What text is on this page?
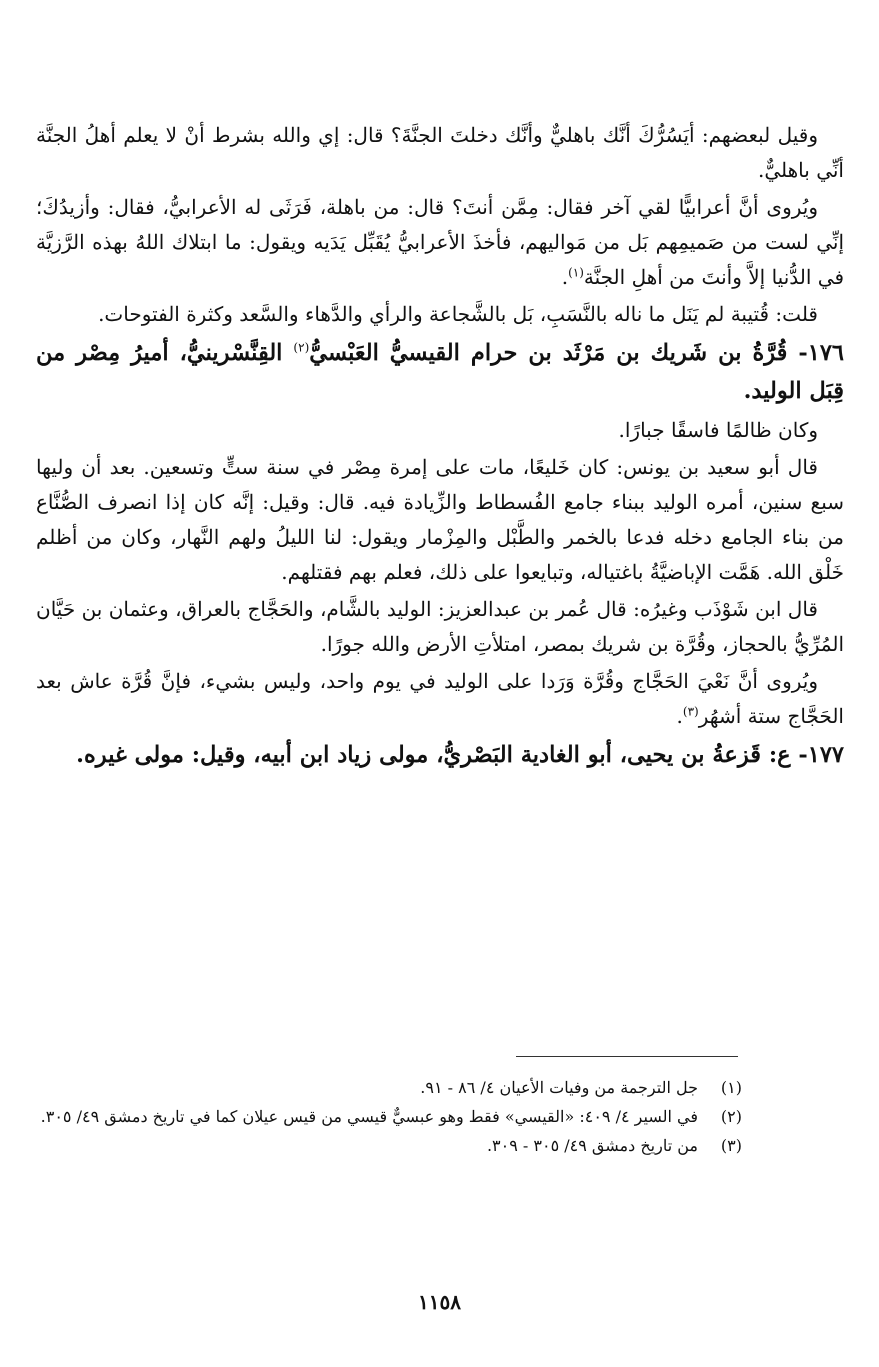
وقيل لبعضهم: أيَسُرُّكَ أنَّك باهليٌّ وأنَّك دخلتَ الجنَّةَ؟ قال: إي والله بشرط أنْ لا يعلم أهلُ الجنَّة أنِّي باهليٌّ.

ويُروى أنَّ أعرابيًّا لقي آخر فقال: مِمَّن أنتَ؟ قال: من باهلة، فَرَثَى له الأعرابيُّ، فقال: وأزيدُكَ؛ إنِّي لست من صَميمِهم بَل من مَواليهم، فأخذَ الأعرابيُّ يُقَبِّل يَدَيه ويقول: ما ابتلاك اللهُ بهذه الرَّزيَّة في الدُّنيا إلاَّ وأنتَ من أهلِ الجنَّة$^{(١)}$.

قلت: قُتيبة لم يَنَل ما ناله بالنَّسَبِ، بَل بالشَّجاعة والرأي والدَّهاء والسَّعد وكثرة الفتوحات.

١٧٦- قُرَّةُ بن شَريك بن مَرْثَد بن حرام القيسيُّ العَبْسيُّ$^{(٢)}$ القِنَّسْرينيُّ، أميرُ مِصْر من قِبَل الوليد.

وكان ظالمًا فاسقًا جبارًا.

قال أبو سعيد بن يونس: كان خَليعًا، مات على إمرة مِصْر في سنة ستٍّ وتسعين. بعد أن وليها سبع سنين، أمره الوليد ببناء جامع الفُسطاط والزِّيادة فيه. قال: وقيل: إنَّه كان إذا انصرف الصُّنَّاع من بناء الجامع دخله فدعا بالخمر والطَّبْل والمِزْمار ويقول: لنا الليلُ ولهم النَّهار، وكان من أظلم خَلْق الله. هَمَّت الإباضيَّةُ باغتياله، وتبايعوا على ذلك، فعلم بهم فقتلهم.

قال ابن شَوْذَب وغيرُه: قال عُمر بن عبدالعزيز: الوليد بالشَّام، والحَجَّاج بالعراق، وعثمان بن حَيَّان المُرِّيُّ بالحجاز، وقُرَّة بن شريك بمصر، امتلأتِ الأرض والله جورًا.

ويُروى أنَّ نَعْيَ الحَجَّاج وقُرَّة وَرَدا على الوليد في يوم واحد، وليس بشيء، فإنَّ قُرَّة عاش بعد الحَجَّاج ستة أشهُر$^{(٣)}$.

١٧٧- ع: قَزعةُ بن يحيى، أبو الغادية البَصْريُّ، مولى زياد ابن أبيه، وقيل: مولى غيره.

(١)
جل الترجمة من وفيات الأعيان ٤/ ٨٦ - ٩١.
(٢)
في السير ٤/ ٤٠٩: «القيسي» فقط وهو عبسيٌّ قيسي من قيس عيلان كما في تاريخ دمشق ٤٩/ ٣٠٥.
(٣)
من تاريخ دمشق ٤٩/ ٣٠٥ - ٣٠٩.
١١٥٨
